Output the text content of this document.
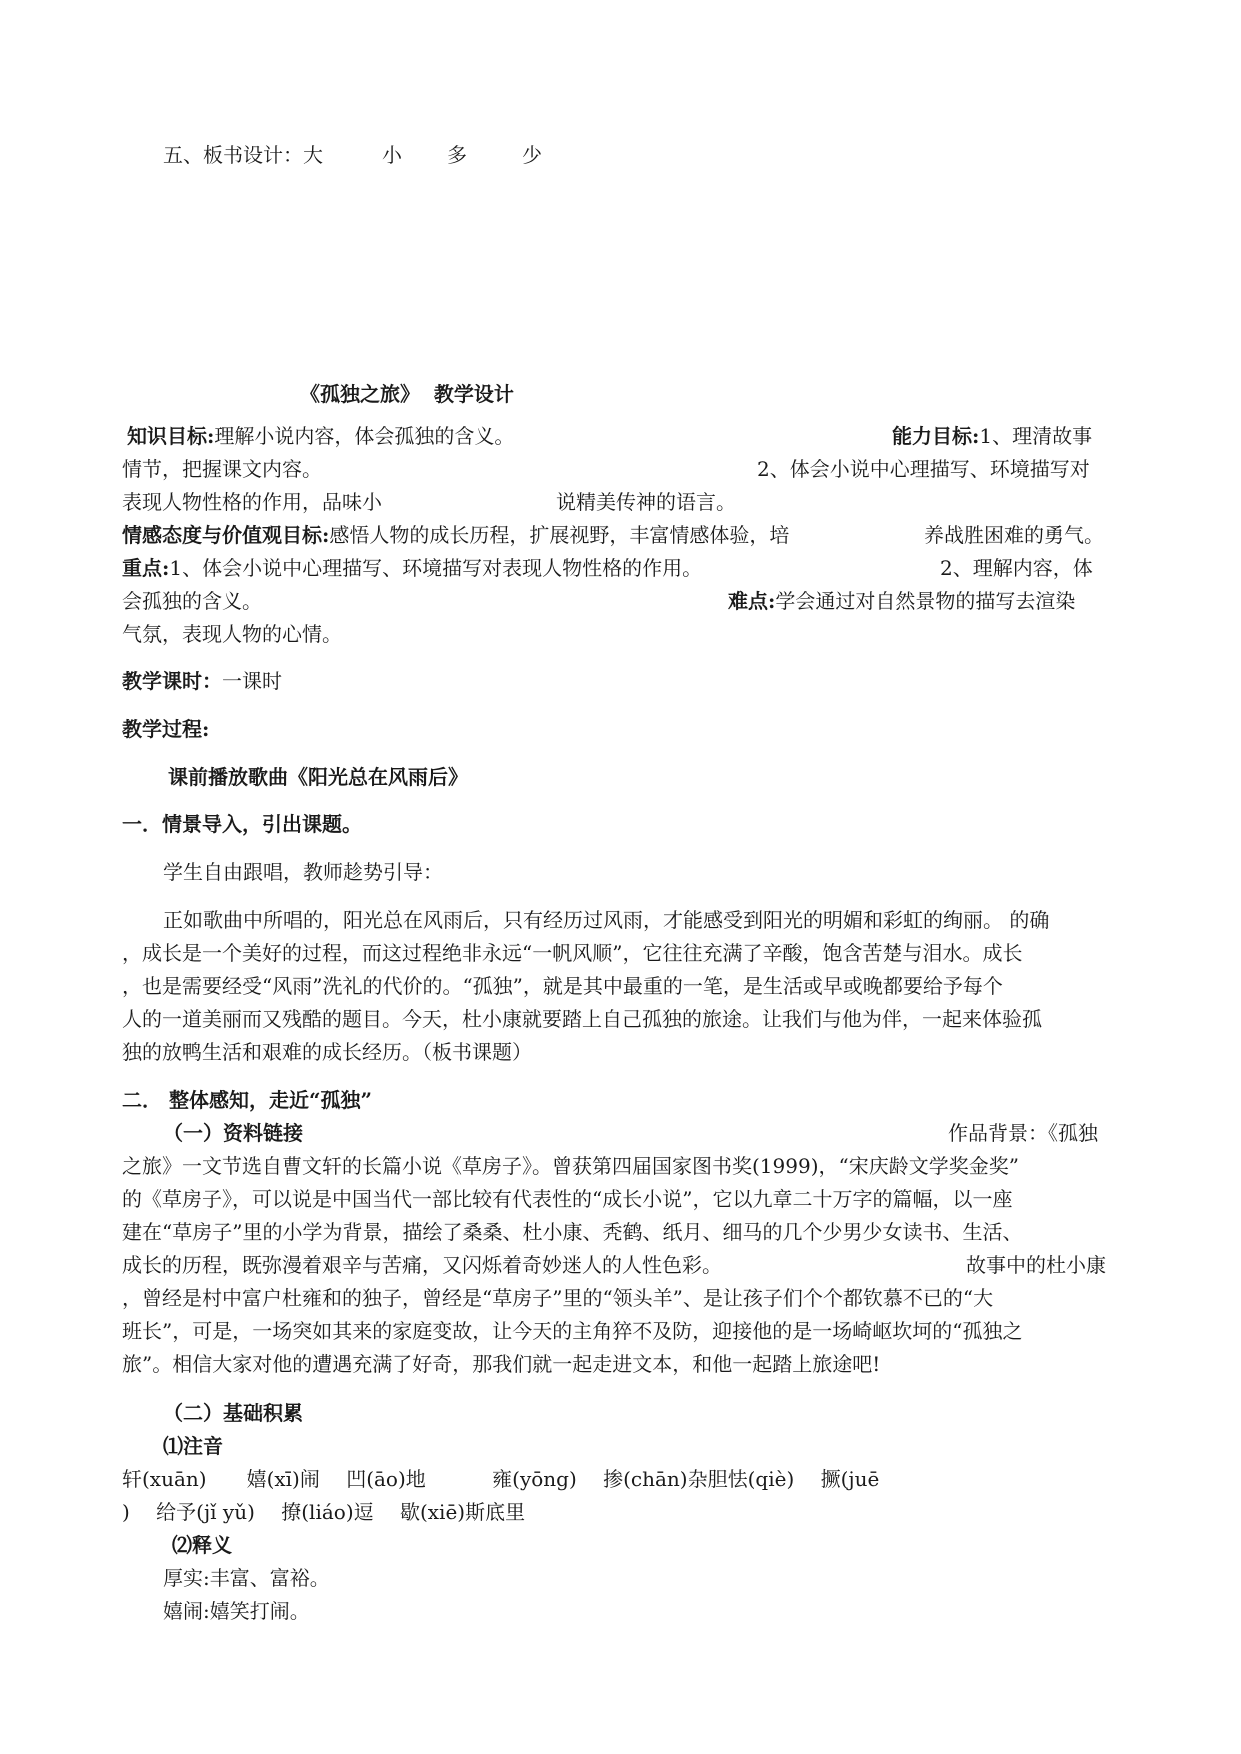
五、板书设计：大	小 多	少
《孤独之旅》  教学设计
知识目标:理解小说内容，体会孤独的含义。	能力目标:1、理清故事
情节，把握课文内容。	2、体会小说中心理描写、环境描写对
表现人物性格的作用，品味小	说精美传神的语言。
情感态度与价值观目标:感悟人物的成长历程，扩展视野，丰富情感体验，培	养战胜困难的勇气。
重点:1、体会小说中心理描写、环境描写对表现人物性格的作用。	2、理解内容，体
会孤独的含义。	难点:学会通过对自然景物的描写去渲染
气氛，表现人物的心情。
教学课时：一课时
教学过程:
课前播放歌曲《阳光总在风雨后》
一．情景导入，引出课题。
学生自由跟唱，教师趁势引导：
正如歌曲中所唱的，阳光总在风雨后，只有经历过风雨，才能感受到阳光的明媚和彩虹的绚丽。 的确
，成长是一个美好的过程，而这过程绝非永远“一帆风顺”，它往往充满了辛酸，饱含苦楚与泪水。成长
，也是需要经受“风雨”洗礼的代价的。“孤独”，就是其中最重的一笔，是生活或早或晚都要给予每个
人的一道美丽而又残酷的题目。今天，杜小康就要踏上自己孤独的旅途。让我们与他为伴，一起来体验孤
独的放鸭生活和艰难的成长经历。（板书课题）
二． 整体感知，走近“孤独”
（一）资料链接	作品背景：《孤独
之旅》一文节选自曹文轩的长篇小说《草房子》。曾获第四届国家图书奖(1999)，“宋庆龄文学奖金奖”
的《草房子》，可以说是中国当代一部比较有代表性的“成长小说”，它以九章二十万字的篇幅，以一座
建在“草房子”里的小学为背景，描绘了桑桑、杜小康、秃鹤、纸月、细马的几个少男少女读书、生活、
成长的历程，既弥漫着艰辛与苦痛，又闪烁着奇妙迷人的人性色彩。	故事中的杜小康
，曾经是村中富户杜雍和的独子，曾经是“草房子”里的“领头羊”、是让孩子们个个都钦慕不已的“大
班长”，可是，一场突如其来的家庭变故，让今天的主角猝不及防，迎接他的是一场崎岖坎坷的“孤独之
旅”。相信大家对他的遭遇充满了好奇，那我们就一起走进文本，和他一起踏上旅途吧!
（二）基础积累
⑴注音
轩(xuān)　　嬉(xī)闹　 凹(āo)地　　　 雍(yōng)　 掺(chān)杂胆怯(qiè)　 撅(juē
)　 给予(jǐ yǔ)　 撩(liáo)逗　 歇(xiē)斯底里
⑵释义
厚实:丰富、富裕。
嬉闹:嬉笑打闹。
